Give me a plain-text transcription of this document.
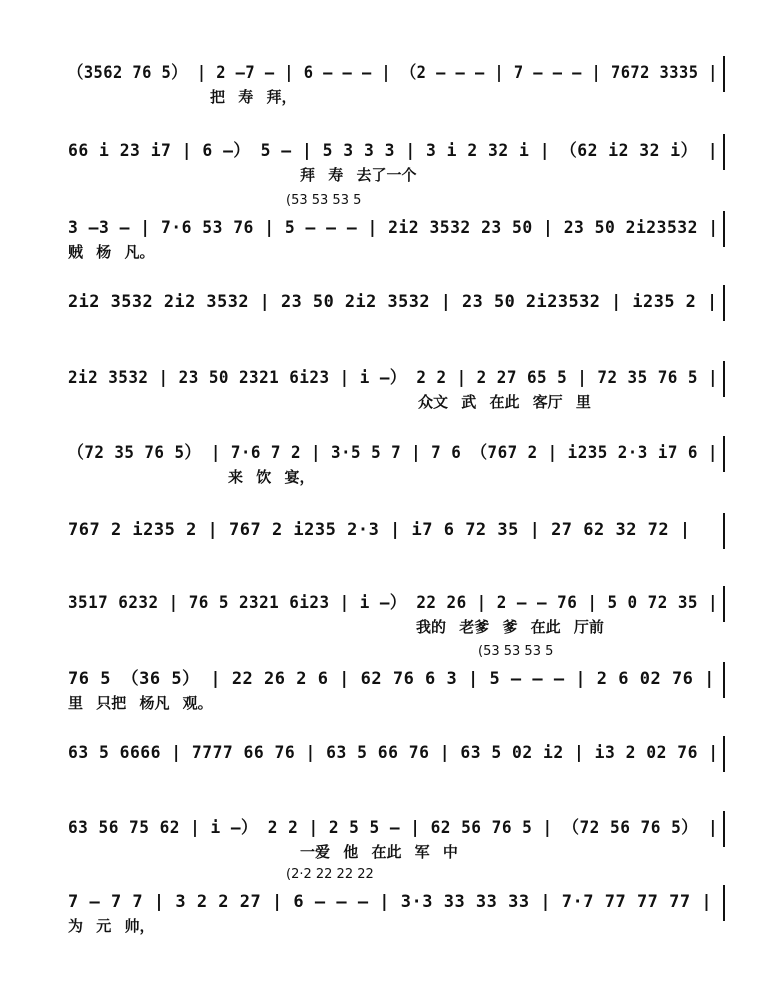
（3562 76 5） | 2 –7 – | 6 – – – | （2 – – – | 7 – – – | 7672 3335 |
把 寿 拜，
66 i 23 i7 | 6 –） 5 – | 5 3 3 3 | 3 i 2 32 i | （62 i2 32 i） |
拜 寿 去了一个
(53 53 53 5
3 –3 – | 7·6 53 76 | 5 – – – | 2i2 3532 23 50 | 23 50 2i23532 |
贼 杨 凡。
2i2 3532 2i2 3532 | 23 50 2i2 3532 | 23 50 2i23532 | i235 2 |
2i2 3532 | 23 50 2321 6i23 | i –） 2 2 | 2 27 65 5 | 72 35 76 5 |
众文 武 在此 客厅 里
（72 35 76 5） | 7·6 7 2 | 3·5 5 7 | 7 6 （767 2 | i235 2·3 i7 6 |
来 饮 宴，
767 2 i235 2 | 767 2 i235 2·3 | i7 6 72 35 | 27 62 32 72 |
3517 6232 | 76 5 2321 6i23 | i –） 22 26 | 2 – – 76 | 5 0 72 35 |
我的 老爹 爹 在此 厅前
(53 53 53 5
76 5 （36 5） | 22 26 2 6 | 62 76 6 3 | 5 – – – | 2 6 02 76 |
里 只把 杨凡 观。
63 5 6666 | 7777 66 76 | 63 5 66 76 | 63 5 02 i2 | i3 2 02 76 |
63 56 75 62 | i –） 2 2 | 2 5 5 – | 62 56 76 5 | （72 56 76 5） |
一爱 他 在此 军 中
(2·2 22 22 22
7 – 7 7 | 3 2 2 27 | 6 – – – | 3·3 33 33 33 | 7·7 77 77 77 |
为 元 帅，
